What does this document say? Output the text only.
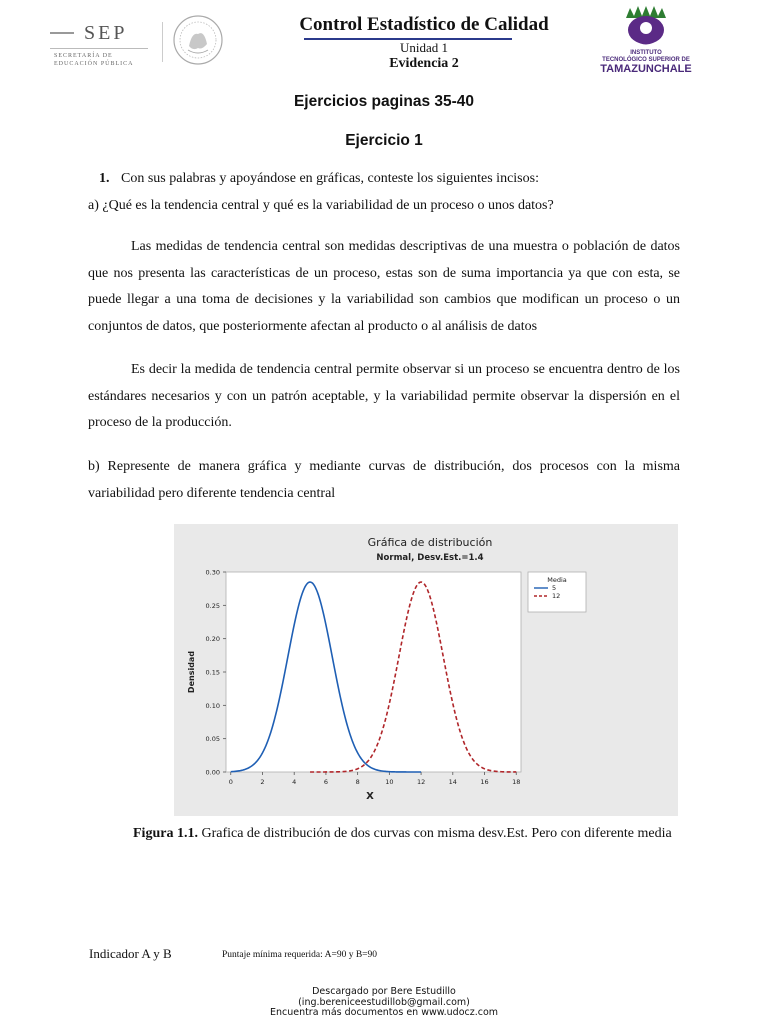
SEP
SECRETARÍA DE
EDUCACIÓN PÚBLICA
Control Estadístico de Calidad
Unidad 1
Evidencia 2
INSTITUTO
TECNOLÓGICO SUPERIOR DE
TAMAZUNCHALE
Ejercicios paginas 35-40
Ejercicio 1
1. Con sus palabras y apoyándose en gráficas, conteste los siguientes incisos:
a) ¿Qué es la tendencia central y qué es la variabilidad de un proceso o unos datos?
Las medidas de tendencia central son medidas descriptivas de una muestra o población de datos que nos presenta las características de un proceso, estas son de suma importancia ya que con esta, se puede llegar a una toma de decisiones y la variabilidad son cambios que modifican un proceso o un conjuntos de datos, que posteriormente afectan al producto o al análisis de datos
Es decir la medida de tendencia central permite observar si un proceso se encuentra dentro de los estándares necesarios y con un patrón aceptable, y la variabilidad permite observar la dispersión en el proceso de la producción.
b) Represente de manera gráfica y mediante curvas de distribución, dos procesos con la misma variabilidad pero diferente tendencia central
Gráfica de distribución
Normal, Desv.Est.=1.4
0.00
0.05
0.10
0.15
0.20
0.25
0.30
0	2	4	6	8	10	12	14	16	18
X
Densidad
Media
5
12
Figura 1.1. Grafica de distribución de dos curvas con misma desv.Est. Pero con diferente media
Indicador A y B	Puntaje mínima requerida: A=90 y B=90
Descargado por Bere Estudillo
(ing.bereniceestudillob@gmail.com)
Encuentra más documentos en www.udocz.com
